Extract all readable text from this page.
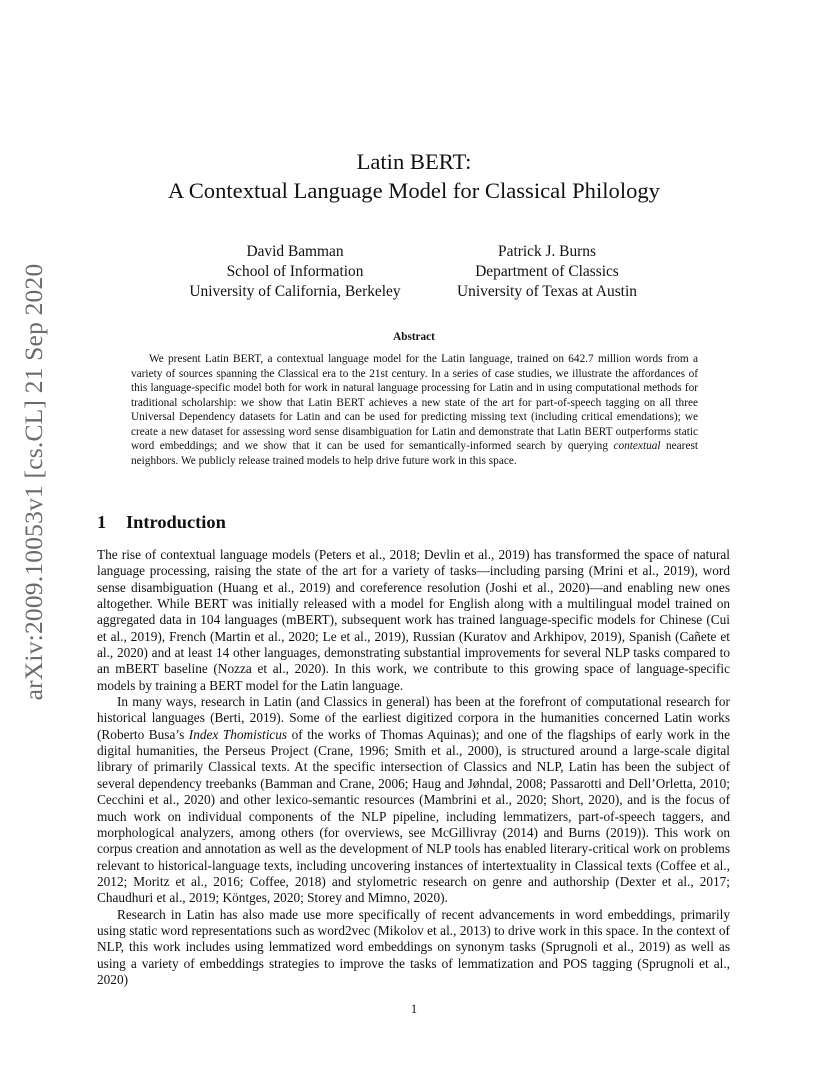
arXiv:2009.10053v1 [cs.CL] 21 Sep 2020
Latin BERT:
A Contextual Language Model for Classical Philology
David Bamman
School of Information
University of California, Berkeley
Patrick J. Burns
Department of Classics
University of Texas at Austin
Abstract

We present Latin BERT, a contextual language model for the Latin language, trained on 642.7 million words from a variety of sources spanning the Classical era to the 21st century. In a series of case studies, we illustrate the affordances of this language-specific model both for work in natural language processing for Latin and in using computational methods for traditional scholarship: we show that Latin BERT achieves a new state of the art for part-of-speech tagging on all three Universal Dependency datasets for Latin and can be used for predicting missing text (including critical emendations); we create a new dataset for assessing word sense disambiguation for Latin and demonstrate that Latin BERT outperforms static word embeddings; and we show that it can be used for semantically-informed search by querying contextual nearest neighbors. We publicly release trained models to help drive future work in this space.

1 Introduction

The rise of contextual language models (Peters et al., 2018; Devlin et al., 2019) has transformed the space of natural language processing, raising the state of the art for a variety of tasks—including parsing (Mrini et al., 2019), word sense disambiguation (Huang et al., 2019) and coreference resolution (Joshi et al., 2020)—and enabling new ones altogether. While BERT was initially released with a model for English along with a multilingual model trained on aggregated data in 104 languages (mBERT), subsequent work has trained language-specific models for Chinese (Cui et al., 2019), French (Martin et al., 2020; Le et al., 2019), Russian (Kuratov and Arkhipov, 2019), Spanish (Cañete et al., 2020) and at least 14 other languages, demonstrating substantial improvements for several NLP tasks compared to an mBERT baseline (Nozza et al., 2020). In this work, we contribute to this growing space of language-specific models by training a BERT model for the Latin language.

In many ways, research in Latin (and Classics in general) has been at the forefront of computational research for historical languages (Berti, 2019). Some of the earliest digitized corpora in the humanities concerned Latin works (Roberto Busa’s Index Thomisticus of the works of Thomas Aquinas); and one of the flagships of early work in the digital humanities, the Perseus Project (Crane, 1996; Smith et al., 2000), is structured around a large-scale digital library of primarily Classical texts. At the specific intersection of Classics and NLP, Latin has been the subject of several dependency treebanks (Bamman and Crane, 2006; Haug and Jøhndal, 2008; Passarotti and Dell’Orletta, 2010; Cecchini et al., 2020) and other lexico-semantic resources (Mambrini et al., 2020; Short, 2020), and is the focus of much work on individual components of the NLP pipeline, including lemmatizers, part-of-speech taggers, and morphological analyzers, among others (for overviews, see McGillivray (2014) and Burns (2019)). This work on corpus creation and annotation as well as the development of NLP tools has enabled literary-critical work on problems relevant to historical-language texts, including uncovering instances of intertextuality in Classical texts (Coffee et al., 2012; Moritz et al., 2016; Coffee, 2018) and stylometric research on genre and authorship (Dexter et al., 2017; Chaudhuri et al., 2019; Köntges, 2020; Storey and Mimno, 2020).

Research in Latin has also made use more specifically of recent advancements in word embeddings, primarily using static word representations such as word2vec (Mikolov et al., 2013) to drive work in this space. In the context of NLP, this work includes using lemmatized word embeddings on synonym tasks (Sprugnoli et al., 2019) as well as using a variety of embeddings strategies to improve the tasks of lemmatization and POS tagging (Sprugnoli et al., 2020)

1
